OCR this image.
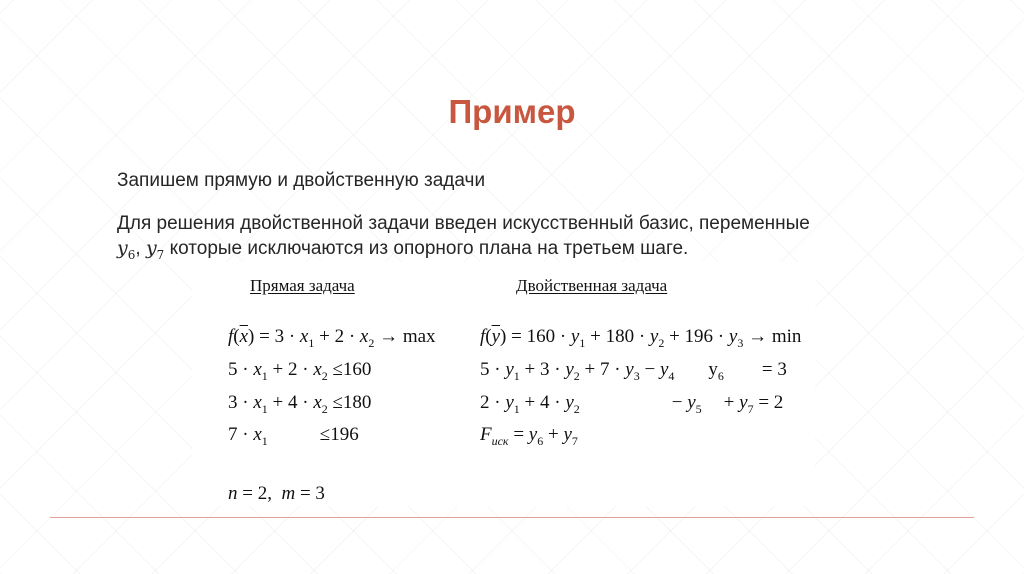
Пример
Запишем прямую и двойственную задачи
Для решения двойственной задачи введен искусственный базис, переменные
$y_6$, $y_7$ которые исключаются из опорного плана на третьем шаге.
Прямая задача	Двойственная задача
$f(\overline{x}) = 3 \cdot x_1 + 2 \cdot x_2 \to \max$
$5 \cdot x_1 + 2 \cdot x_2 \le 160$
$3 \cdot x_1 + 4 \cdot x_2 \le 180$
$7 \cdot x_1$	≤196
n = 2,  m = 3
$f(\overline{y}) = 160 \cdot y_1 + 180 \cdot y_2 + 196 \cdot y_3 \to \min$
$5 \cdot y_1 + 3 \cdot y_2 + 7 \cdot y_3 - y_4$ $y_6 = 3$
$2 \cdot y_1 + 4 \cdot y_2$	− $y_5 + y_7 = 2$
$F_{иск} = y_6 + y_7$
